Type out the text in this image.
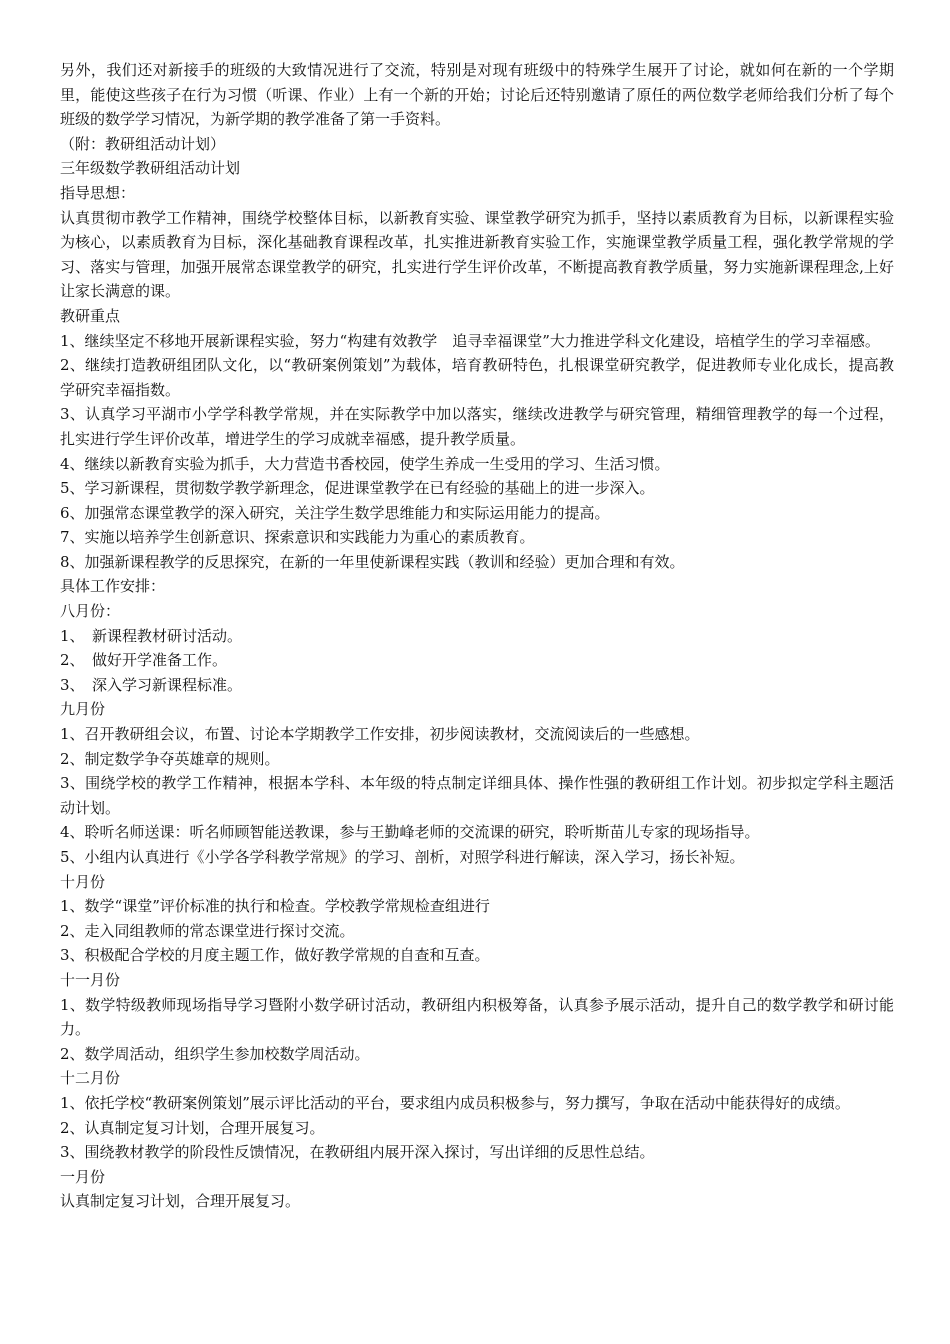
另外，我们还对新接手的班级的大致情况进行了交流，特别是对现有班级中的特殊学生展开了讨论，就如何在新的一个学期里，能使这些孩子在行为习惯（听课、作业）上有一个新的开始；讨论后还特别邀请了原任的两位数学老师给我们分析了每个班级的数学学习情况，为新学期的教学准备了第一手资料。

（附：教研组活动计划）

三年级数学教研组活动计划

指导思想：

认真贯彻市教学工作精神，围绕学校整体目标，以新教育实验、课堂教学研究为抓手，坚持以素质教育为目标，以新课程实验为核心，以素质教育为目标，深化基础教育课程改革，扎实推进新教育实验工作，实施课堂教学质量工程，强化教学常规的学习、落实与管理，加强开展常态课堂教学的研究，扎实进行学生评价改革，不断提高教育教学质量，努力实施新课程理念,上好让家长满意的课。

教研重点

1、继续坚定不移地开展新课程实验，努力“构建有效教学　追寻幸福课堂”大力推进学科文化建设，培植学生的学习幸福感。

2、继续打造教研组团队文化，以“教研案例策划”为载体，培育教研特色，扎根课堂研究教学，促进教师专业化成长，提高教学研究幸福指数。

3、认真学习平湖市小学学科教学常规，并在实际教学中加以落实，继续改进教学与研究管理，精细管理教学的每一个过程，扎实进行学生评价改革，增进学生的学习成就幸福感，提升教学质量。

4、继续以新教育实验为抓手，大力营造书香校园，使学生养成一生受用的学习、生活习惯。

5、学习新课程，贯彻数学教学新理念，促进课堂教学在已有经验的基础上的进一步深入。

6、加强常态课堂教学的深入研究，关注学生数学思维能力和实际运用能力的提高。

7、实施以培养学生创新意识、探索意识和实践能力为重心的素质教育。

8、加强新课程教学的反思探究，在新的一年里使新课程实践（教训和经验）更加合理和有效。

具体工作安排：

八月份：

1、　新课程教材研讨活动。

2、　做好开学准备工作。

3、　深入学习新课程标准。

九月份

1、召开教研组会议，布置、讨论本学期教学工作安排，初步阅读教材，交流阅读后的一些感想。

2、制定数学争夺英雄章的规则。

3、围绕学校的教学工作精神，根据本学科、本年级的特点制定详细具体、操作性强的教研组工作计划。初步拟定学科主题活动计划。

4、聆听名师送课：听名师顾智能送教课，参与王勤峰老师的交流课的研究，聆听斯苗儿专家的现场指导。

5、小组内认真进行《小学各学科教学常规》的学习、剖析，对照学科进行解读，深入学习，扬长补短。

十月份

1、数学“课堂”评价标准的执行和检查。学校教学常规检查组进行

2、走入同组教师的常态课堂进行探讨交流。

3、积极配合学校的月度主题工作，做好教学常规的自查和互查。

十一月份

1、数学特级教师现场指导学习暨附小数学研讨活动，教研组内积极筹备，认真参予展示活动，提升自己的数学教学和研讨能力。

2、数学周活动，组织学生参加校数学周活动。

十二月份

1、依托学校“教研案例策划”展示评比活动的平台，要求组内成员积极参与，努力撰写，争取在活动中能获得好的成绩。

2、认真制定复习计划，合理开展复习。

3、围绕教材教学的阶段性反馈情况，在教研组内展开深入探讨，写出详细的反思性总结。

一月份

认真制定复习计划，合理开展复习。
